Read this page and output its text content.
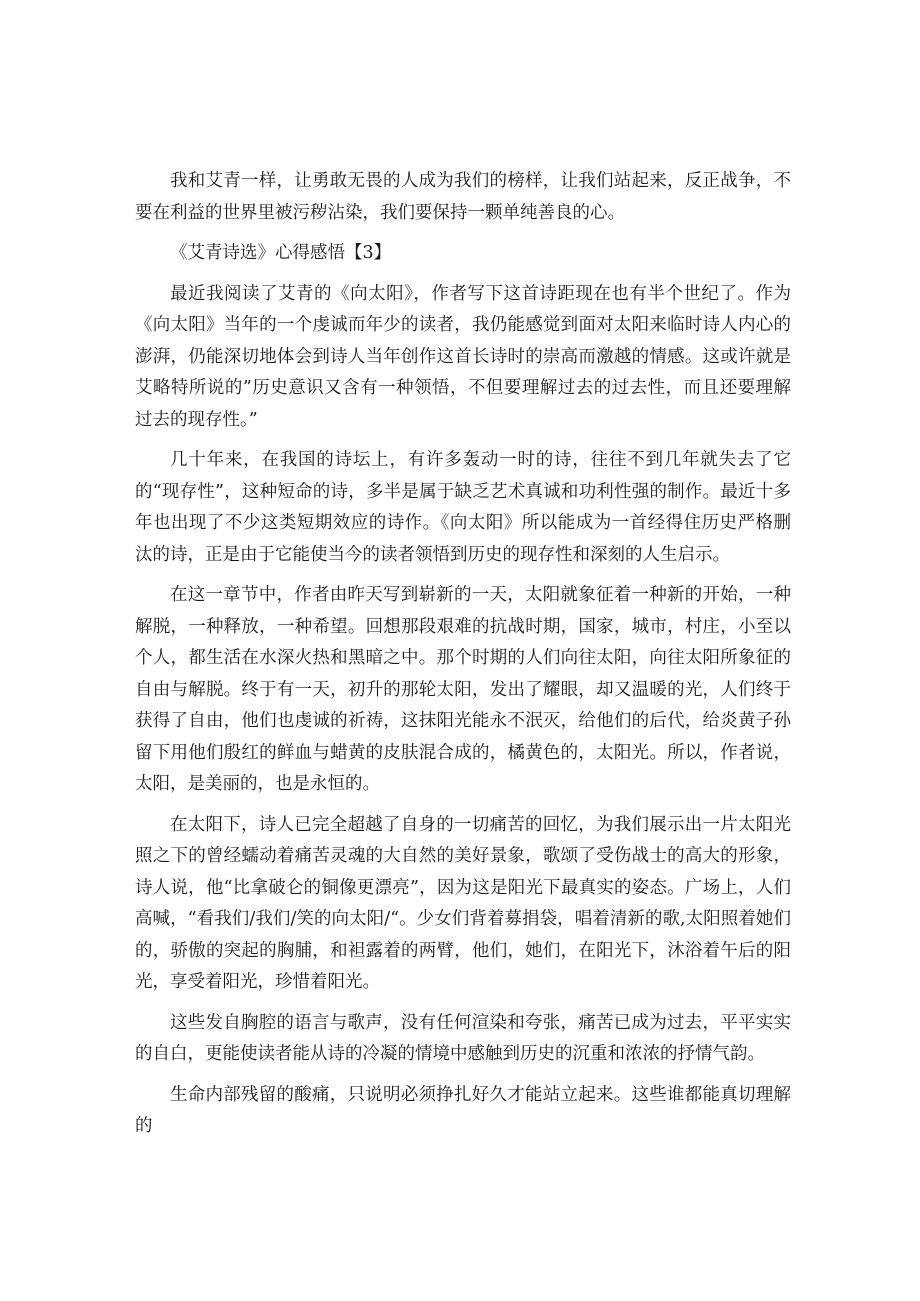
我和艾青一样，让勇敢无畏的人成为我们的榜样，让我们站起来，反正战争，不要在利益的世界里被污秽沾染，我们要保持一颗单纯善良的心。

《艾青诗选》心得感悟【3】

最近我阅读了艾青的《向太阳》，作者写下这首诗距现在也有半个世纪了。作为《向太阳》当年的一个虔诚而年少的读者，我仍能感觉到面对太阳来临时诗人内心的澎湃，仍能深切地体会到诗人当年创作这首长诗时的崇高而激越的情感。这或许就是艾略特所说的”历史意识又含有一种领悟，不但要理解过去的过去性，而且还要理解过去的现存性。”

几十年来，在我国的诗坛上，有许多轰动一时的诗，往往不到几年就失去了它的“现存性”，这种短命的诗，多半是属于缺乏艺术真诚和功利性强的制作。最近十多年也出现了不少这类短期效应的诗作。《向太阳》所以能成为一首经得住历史严格删汰的诗，正是由于它能使当今的读者领悟到历史的现存性和深刻的人生启示。

在这一章节中，作者由昨天写到崭新的一天，太阳就象征着一种新的开始，一种解脱，一种释放，一种希望。回想那段艰难的抗战时期，国家，城市，村庄，小至以个人，都生活在水深火热和黑暗之中。那个时期的人们向往太阳，向往太阳所象征的自由与解脱。终于有一天，初升的那轮太阳，发出了耀眼，却又温暖的光，人们终于获得了自由，他们也虔诚的祈祷，这抹阳光能永不泯灭，给他们的后代，给炎黄子孙留下用他们殷红的鲜血与蜡黄的皮肤混合成的，橘黄色的，太阳光。所以，作者说，太阳，是美丽的，也是永恒的。

在太阳下，诗人已完全超越了自身的一切痛苦的回忆，为我们展示出一片太阳光照之下的曾经蠕动着痛苦灵魂的大自然的美好景象，歌颂了受伤战士的高大的形象，诗人说，他“比拿破仑的铜像更漂亮”，因为这是阳光下最真实的姿态。广场上，人们高喊，“看我们/我们/笑的向太阳/“。少女们背着募捐袋，唱着清新的歌,太阳照着她们的，骄傲的突起的胸脯，和袒露着的两臂，他们，她们，在阳光下，沐浴着午后的阳光，享受着阳光，珍惜着阳光。

这些发自胸腔的语言与歌声，没有任何渲染和夸张，痛苦已成为过去，平平实实的自白，更能使读者能从诗的冷凝的情境中感触到历史的沉重和浓浓的抒情气韵。

生命内部残留的酸痛，只说明必须挣扎好久才能站立起来。这些谁都能真切理解的
